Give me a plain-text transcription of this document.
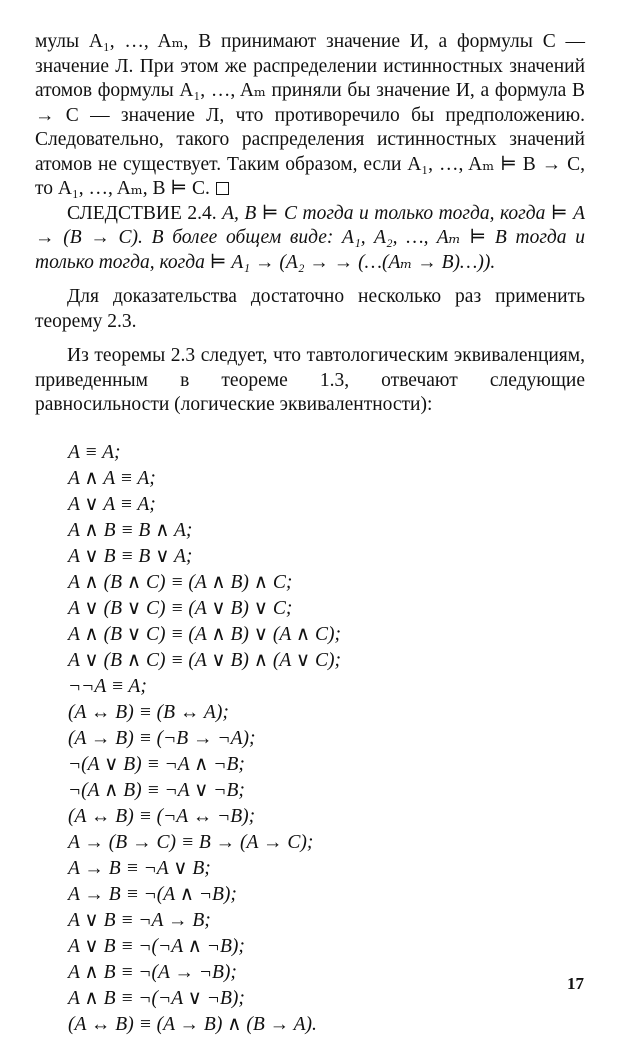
мулы A₁, …, Aₘ, B принимают значение И, а формулы C — значение Л. При этом же распределении истинностных значений атомов формулы A₁, …, Aₘ приняли бы значение И, а формула B → C — значение Л, что противоречило бы предположению. Следовательно, такого распределения истинностных значений атомов не существует. Таким образом, если A₁, …, Aₘ ⊨ B → C, то A₁, …, Aₘ, B ⊨ C.

СЛЕДСТВИЕ 2.4. A, B ⊨ C тогда и только тогда, когда ⊨ A → (B → C). В более общем виде: A₁, A₂, …, Aₘ ⊨ B тогда и только тогда, когда ⊨ A₁ → (A₂ → → (…(Aₘ → B)…)).

Для доказательства достаточно несколько раз применить теорему 2.3.

Из теоремы 2.3 следует, что тавтологическим эквиваленциям, приведенным в теореме 1.3, отвечают следующие равносильности (логические эквивалентности):

A ≡ A;
A ∧ A ≡ A;
A ∨ A ≡ A;
A ∧ B ≡ B ∧ A;
A ∨ B ≡ B ∨ A;
A ∧ (B ∧ C) ≡ (A ∧ B) ∧ C;
A ∨ (B ∨ C) ≡ (A ∨ B) ∨ C;
A ∧ (B ∨ C) ≡ (A ∧ B) ∨ (A ∧ C);
A ∨ (B ∧ C) ≡ (A ∨ B) ∧ (A ∨ C);
¬¬A ≡ A;
(A ↔ B) ≡ (B ↔ A);
(A → B) ≡ (¬B → ¬A);
¬(A ∨ B) ≡ ¬A ∧ ¬B;
¬(A ∧ B) ≡ ¬A ∨ ¬B;
(A ↔ B) ≡ (¬A ↔ ¬B);
A → (B → C) ≡ B → (A → C);
A → B ≡ ¬A ∨ B;
A → B ≡ ¬(A ∧ ¬B);
A ∨ B ≡ ¬A → B;
A ∨ B ≡ ¬(¬A ∧ ¬B);
A ∧ B ≡ ¬(A → ¬B);
A ∧ B ≡ ¬(¬A ∨ ¬B);
(A ↔ B) ≡ (A → B) ∧ (B → A).
17
